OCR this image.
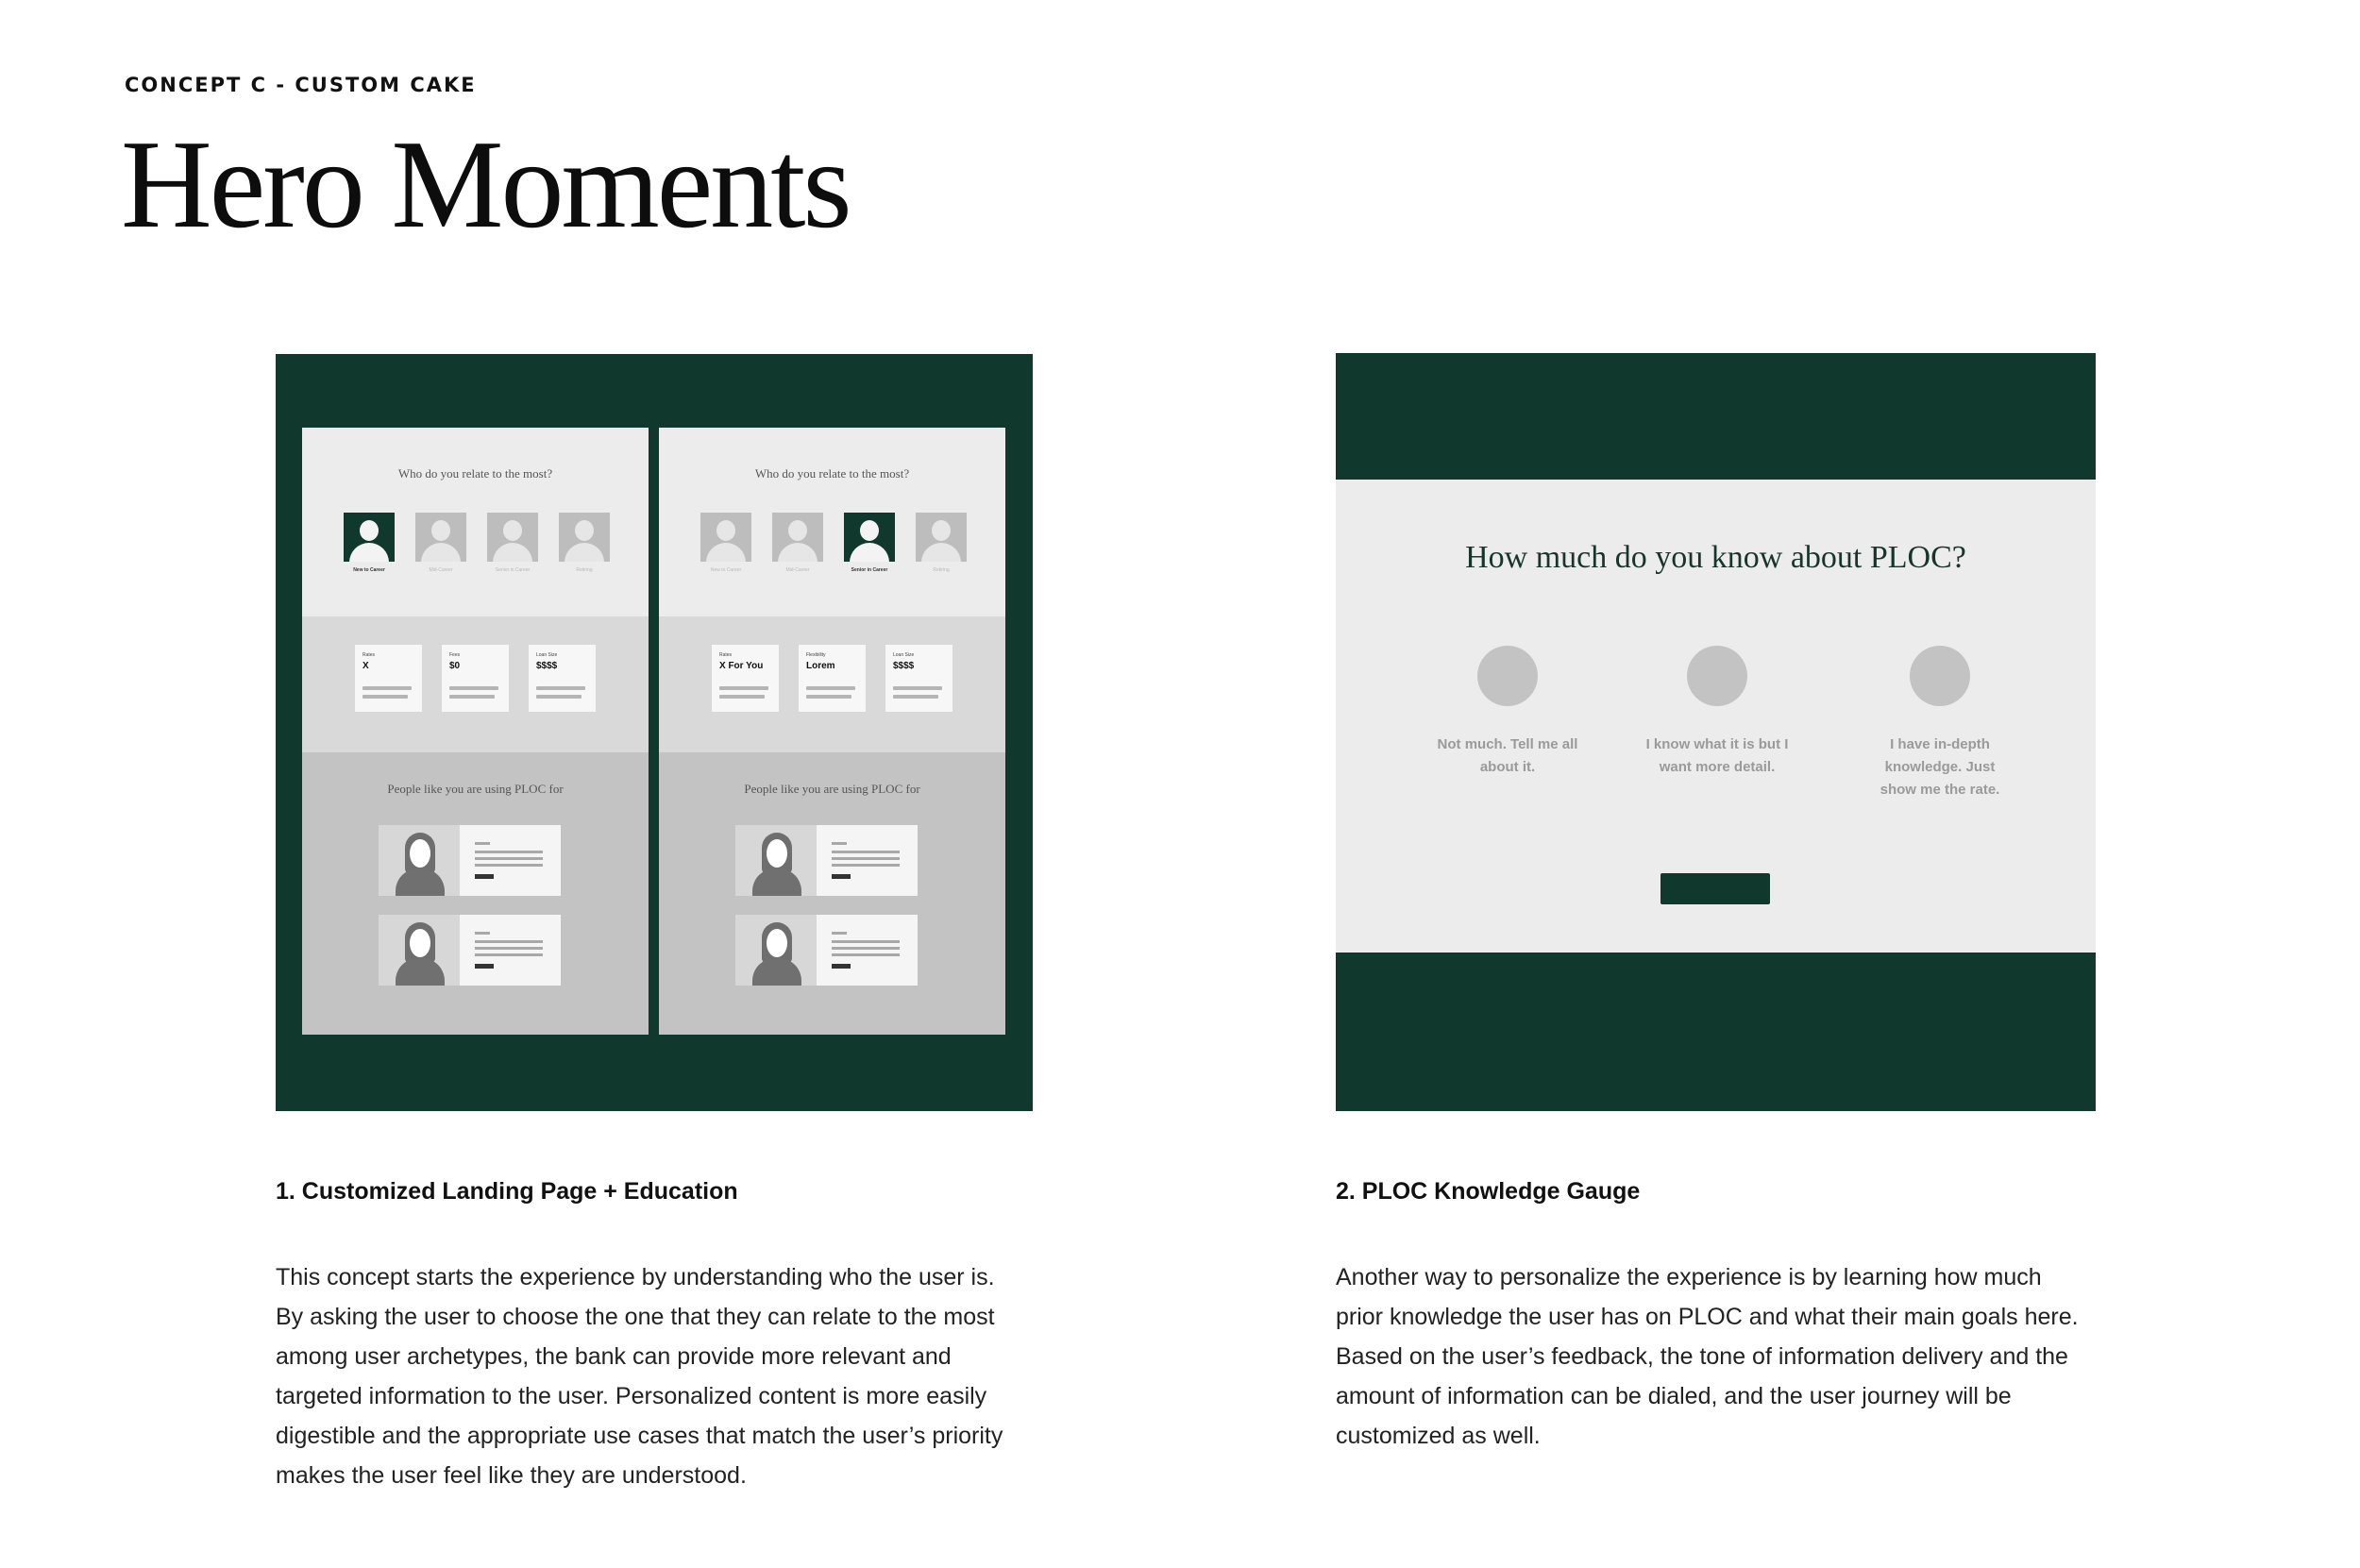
CONCEPT C - CUSTOM CAKE
Hero Moments
Who do you relate to the most?
New to Career	Mid-Career	Senior in Career	Retiring
Rates
X
Fees
$0
Loan Size
$$$$
People like you are using PLOC for
Who do you relate to the most?
New to Career	Mid-Career	Senior in Career	Retiring
Rates
X For You
Flexibility
Lorem
Loan Size
$$$$
People like you are using PLOC for
How much do you know about PLOC?
Not much. Tell me all about it.
I know what it is but I want more detail.
I have in-depth knowledge. Just show me the rate.
1. Customized Landing Page + Education

This concept starts the experience by understanding who the user is. By asking the user to choose the one that they can relate to the most among user archetypes, the bank can provide more relevant and targeted information to the user. Personalized content is more easily digestible and the appropriate use cases that match the user’s priority makes the user feel like they are understood.

2. PLOC Knowledge Gauge

Another way to personalize the experience is by learning how much prior knowledge the user has on PLOC and what their main goals here. Based on the user’s feedback, the tone of information delivery and the amount of information can be dialed, and the user journey will be customized as well.
